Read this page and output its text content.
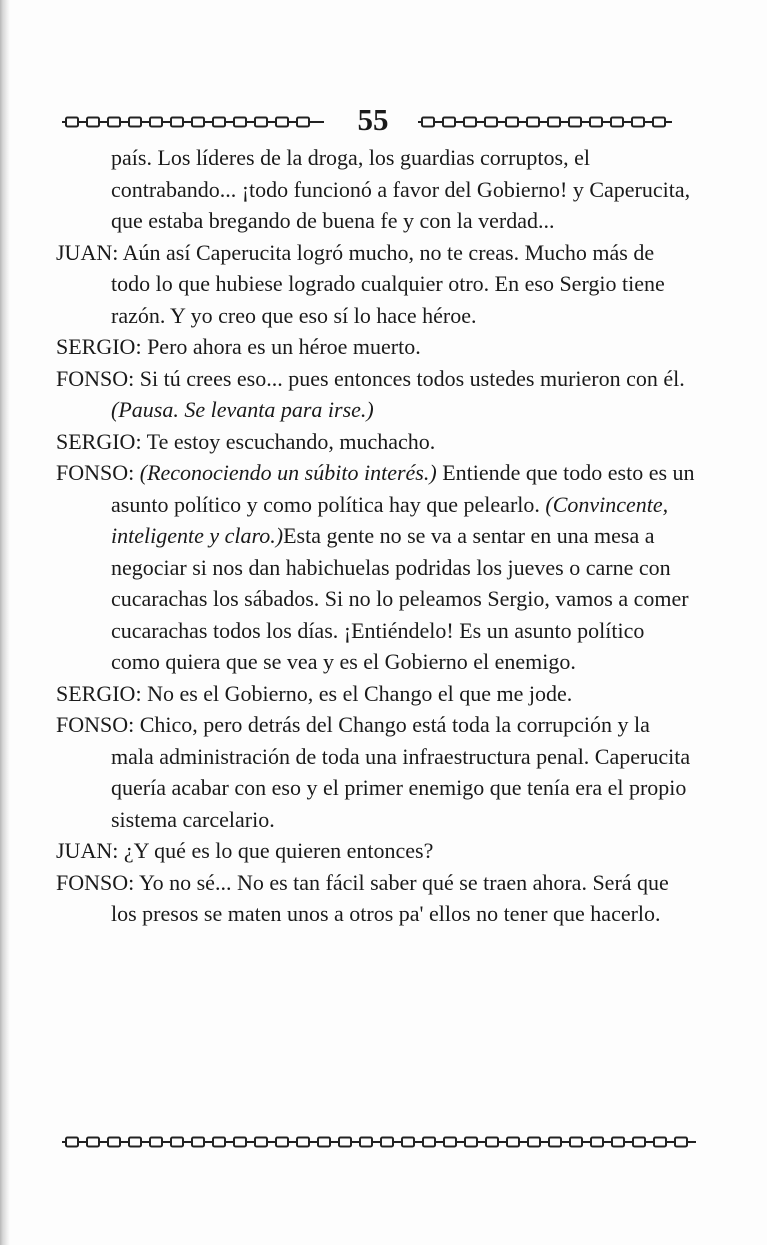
55

país. Los líderes de la droga, los guardias corruptos, el contrabando... ¡todo funcionó a favor del Gobierno! y Caperucita, que estaba bregando de buena fe y con la verdad...

JUAN: Aún así Caperucita logró mucho, no te creas. Mucho más de todo lo que hubiese logrado cualquier otro. En eso Sergio tiene razón. Y yo creo que eso sí lo hace héroe.

SERGIO: Pero ahora es un héroe muerto.

FONSO: Si tú crees eso... pues entonces todos ustedes murieron con él. (Pausa. Se levanta para irse.)

SERGIO: Te estoy escuchando, muchacho.

FONSO: (Reconociendo un súbito interés.) Entiende que todo esto es un asunto político y como política hay que pelearlo. (Convincente, inteligente y claro.)Esta gente no se va a sentar en una mesa a negociar si nos dan habichuelas podridas los jueves o carne con cucarachas los sábados. Si no lo peleamos Sergio, vamos a comer cucarachas todos los días. ¡Entiéndelo! Es un asunto político como quiera que se vea y es el Gobierno el enemigo.

SERGIO: No es el Gobierno, es el Chango el que me jode.

FONSO: Chico, pero detrás del Chango está toda la corrupción y la mala administración de toda una infraestructura penal. Caperucita quería acabar con eso y el primer enemigo que tenía era el propio sistema carcelario.

JUAN: ¿Y qué es lo que quieren entonces?

FONSO: Yo no sé... No es tan fácil saber qué se traen ahora. Será que los presos se maten unos a otros pa' ellos no tener que hacerlo.
